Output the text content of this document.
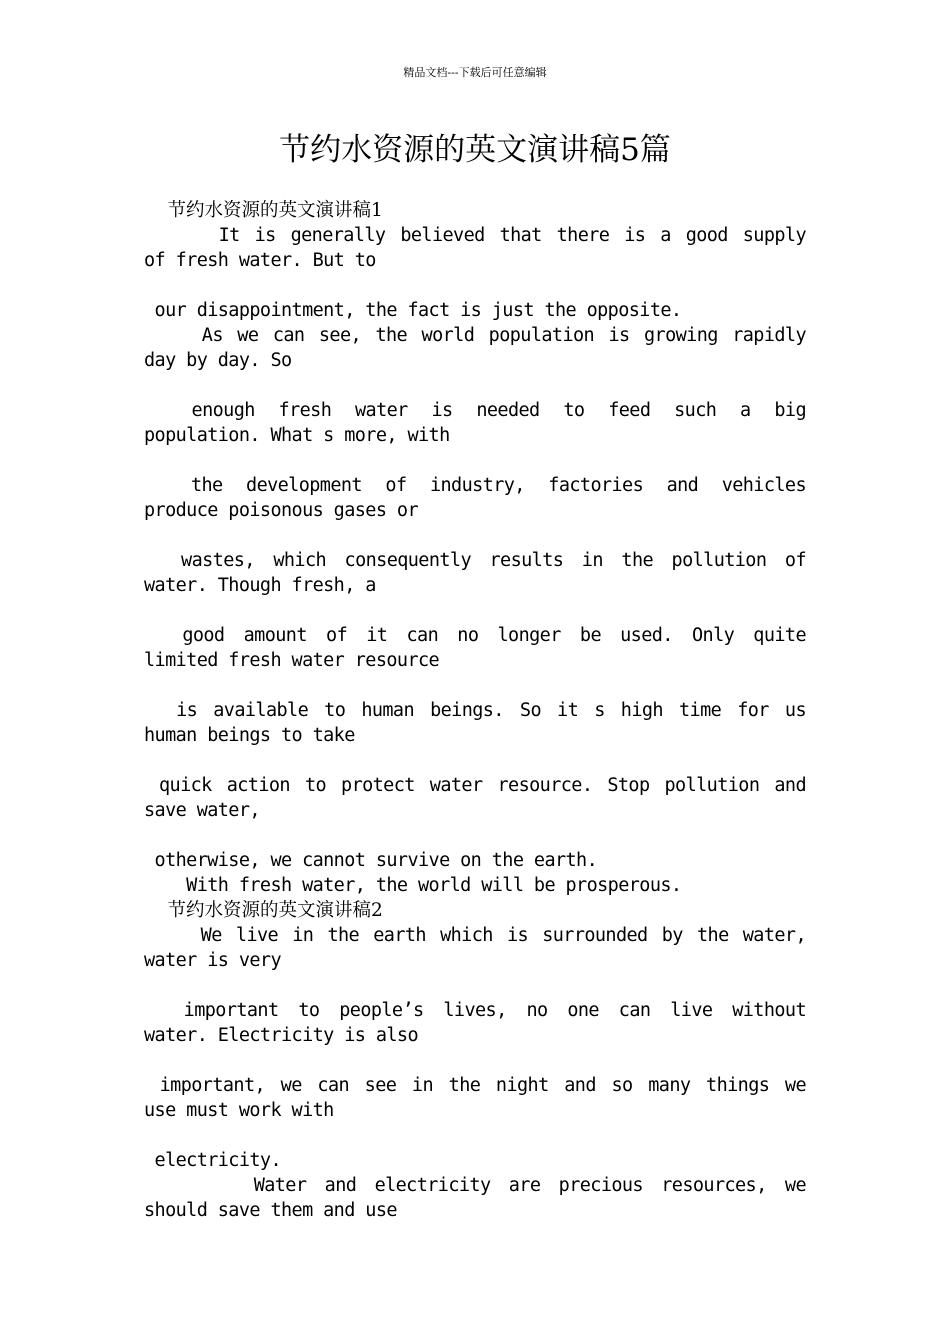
精品文档---下载后可任意编辑
节约水资源的英文演讲稿5篇
节约水资源的英文演讲稿1
It is generally believed that there is a good supply
of fresh water. But to
our disappointment, the fact is just the opposite.
As we can see, the world population is growing rapidly
day by day. So
enough fresh water is needed to feed such a big
population. What s more, with
the development of industry, factories and vehicles
produce poisonous gases or
wastes, which consequently results in the pollution of
water. Though fresh, a
good amount of it can no longer be used. Only quite
limited fresh water resource
is available to human beings. So it s high time for us
human beings to take
quick action to protect water resource. Stop pollution and
save water,
otherwise, we cannot survive on the earth.
With fresh water, the world will be prosperous.
节约水资源的英文演讲稿2
We live in the earth which is surrounded by the water,
water is very
important to people’s lives, no one can live without
water. Electricity is also
important, we can see in the night and so many things we
use must work with
electricity.
Water and electricity are precious resources, we
should save them and use
